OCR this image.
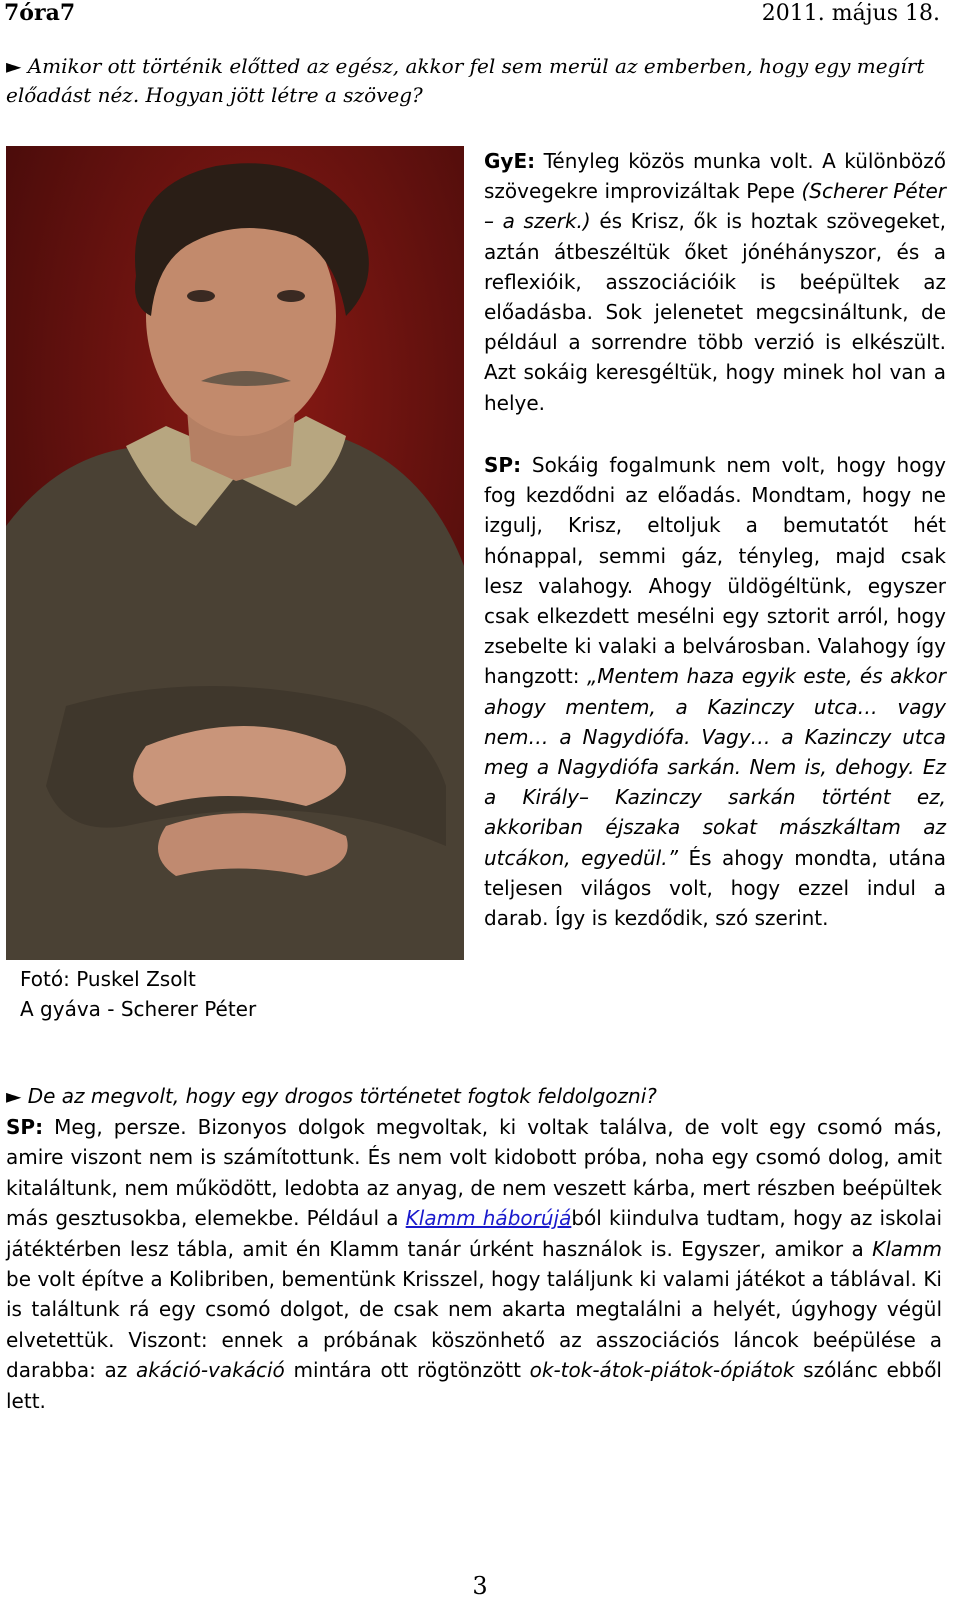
7óra7	2011. május 18.
► Amikor ott történik előtted az egész, akkor fel sem merül az emberben, hogy egy megírt előadást néz. Hogyan jött létre a szöveg?
Fotó: Puskel Zsolt
A gyáva - Scherer Péter
GyE: Tényleg közös munka volt. A különböző szövegekre improvizáltak Pepe (Scherer Péter – a szerk.) és Krisz, ők is hoztak szövegeket, aztán átbeszéltük őket jónéhányszor, és a reflexióik, asszociációik is beépültek az előadásba. Sok jelenetet megcsináltunk, de például a sorrendre több verzió is elkészült. Azt sokáig keresgéltük, hogy minek hol van a helye.
SP: Sokáig fogalmunk nem volt, hogy hogy fog kezdődni az előadás. Mondtam, hogy ne izgulj, Krisz, eltoljuk a bemutatót hét hónappal, semmi gáz, tényleg, majd csak lesz valahogy. Ahogy üldögéltünk, egyszer csak elkezdett mesélni egy sztorit arról, hogy zsebelte ki valaki a belvárosban. Valahogy így hangzott: „Mentem haza egyik este, és akkor ahogy mentem, a Kazinczy utca… vagy nem… a Nagydiófa. Vagy… a Kazinczy utca meg a Nagydiófa sarkán. Nem is, dehogy. Ez a Király– Kazinczy sarkán történt ez, akkoriban éjszaka sokat mászkáltam az utcákon, egyedül.” És ahogy mondta, utána teljesen világos volt, hogy ezzel indul a darab. Így is kezdődik, szó szerint.
► De az megvolt, hogy egy drogos történetet fogtok feldolgozni?
SP: Meg, persze. Bizonyos dolgok megvoltak, ki voltak találva, de volt egy csomó más, amire viszont nem is számítottunk. És nem volt kidobott próba, noha egy csomó dolog, amit kitaláltunk, nem működött, ledobta az anyag, de nem veszett kárba, mert részben beépültek más gesztusokba, elemekbe. Például a Klamm háborújából kiindulva tudtam, hogy az iskolai játéktérben lesz tábla, amit én Klamm tanár úrként használok is. Egyszer, amikor a Klamm be volt építve a Kolibriben, bementünk Krisszel, hogy találjunk ki valami játékot a táblával. Ki is találtunk rá egy csomó dolgot, de csak nem akarta megtalálni a helyét, úgyhogy végül elvetettük. Viszont: ennek a próbának köszönhető az asszociációs láncok beépülése a darabba: az akáció-vakáció mintára ott rögtönzött ok-tok-átok-piátok-ópiátok szólánc ebből lett.
3
